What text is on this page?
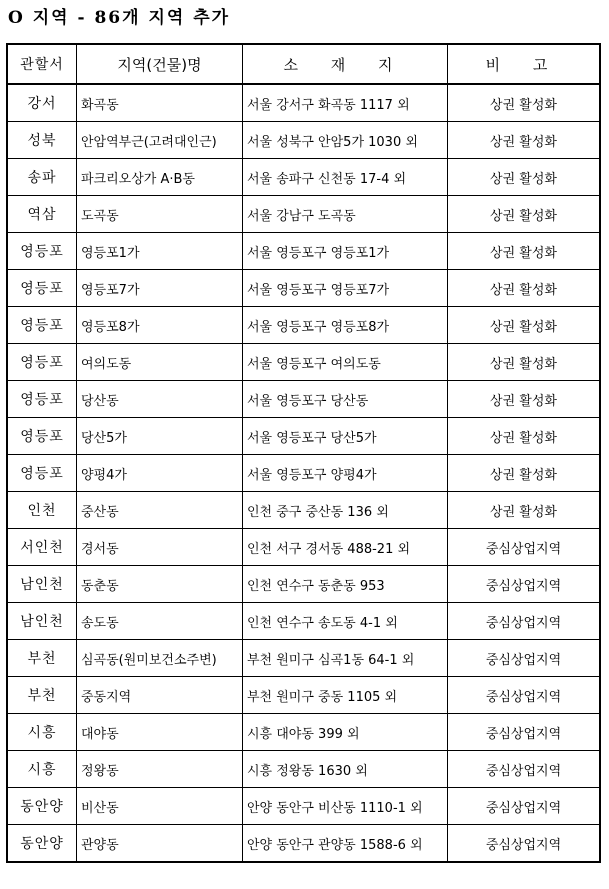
O 지역 - 86개 지역 추가
관할서	지역(건물)명	소 재 지	비 고
강서	화곡동	서울 강서구 화곡동 1117 외	상권 활성화
성북	안암역부근(고려대인근)	서울 성북구 안암5가 1030 외	상권 활성화
송파	파크리오상가 A·B동	서울 송파구 신천동 17-4 외	상권 활성화
역삼	도곡동	서울 강남구 도곡동	상권 활성화
영등포	영등포1가	서울 영등포구 영등포1가	상권 활성화
영등포	영등포7가	서울 영등포구 영등포7가	상권 활성화
영등포	영등포8가	서울 영등포구 영등포8가	상권 활성화
영등포	여의도동	서울 영등포구 여의도동	상권 활성화
영등포	당산동	서울 영등포구 당산동	상권 활성화
영등포	당산5가	서울 영등포구 당산5가	상권 활성화
영등포	양평4가	서울 영등포구 양평4가	상권 활성화
인천	중산동	인천 중구 중산동 136 외	상권 활성화
서인천	경서동	인천 서구 경서동 488-21 외	중심상업지역
남인천	동춘동	인천 연수구 동춘동 953	중심상업지역
남인천	송도동	인천 연수구 송도동 4-1 외	중심상업지역
부천	심곡동(원미보건소주변)	부천 원미구 심곡1동 64-1 외	중심상업지역
부천	중동지역	부천 원미구 중동 1105 외	중심상업지역
시흥	대야동	시흥 대야동 399 외	중심상업지역
시흥	정왕동	시흥 정왕동 1630 외	중심상업지역
동안양	비산동	안양 동안구 비산동 1110-1 외	중심상업지역
동안양	관양동	안양 동안구 관양동 1588-6 외	중심상업지역
